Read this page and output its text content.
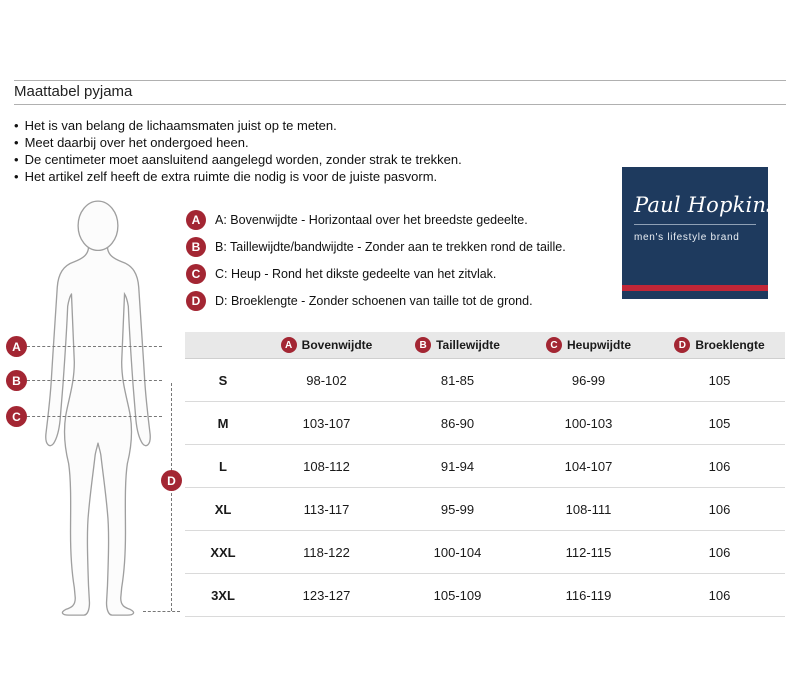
Maattabel pyjama
• Het is van belang de lichaamsmaten juist op te meten.
• Meet daarbij over het ondergoed heen.
• De centimeter moet aansluitend aangelegd worden, zonder strak te trekken.
• Het artikel zelf heeft de extra ruimte die nodig is voor de juiste pasvorm.
A
B
C
D
A	A: Bovenwijdte - Horizontaal over het breedste gedeelte.
B	B: Taillewijdte/bandwijdte - Zonder aan te trekken rond de taille.
C	C: Heup - Rond het dikste gedeelte van het zitvlak.
D	D: Broeklengte - Zonder schoenen van taille tot de grond.
Paul Hopkins®
men's lifestyle brand
A Bovenwijdte	B Taillewijdte	C Heupwijdte	D Broeklengte
S	98-102	81-85	96-99	105
M	103-107	86-90	100-103	105
L	108-112	91-94	104-107	106
XL	113-117	95-99	108-111	106
XXL	118-122	100-104	112-115	106
3XL	123-127	105-109	116-119	106
